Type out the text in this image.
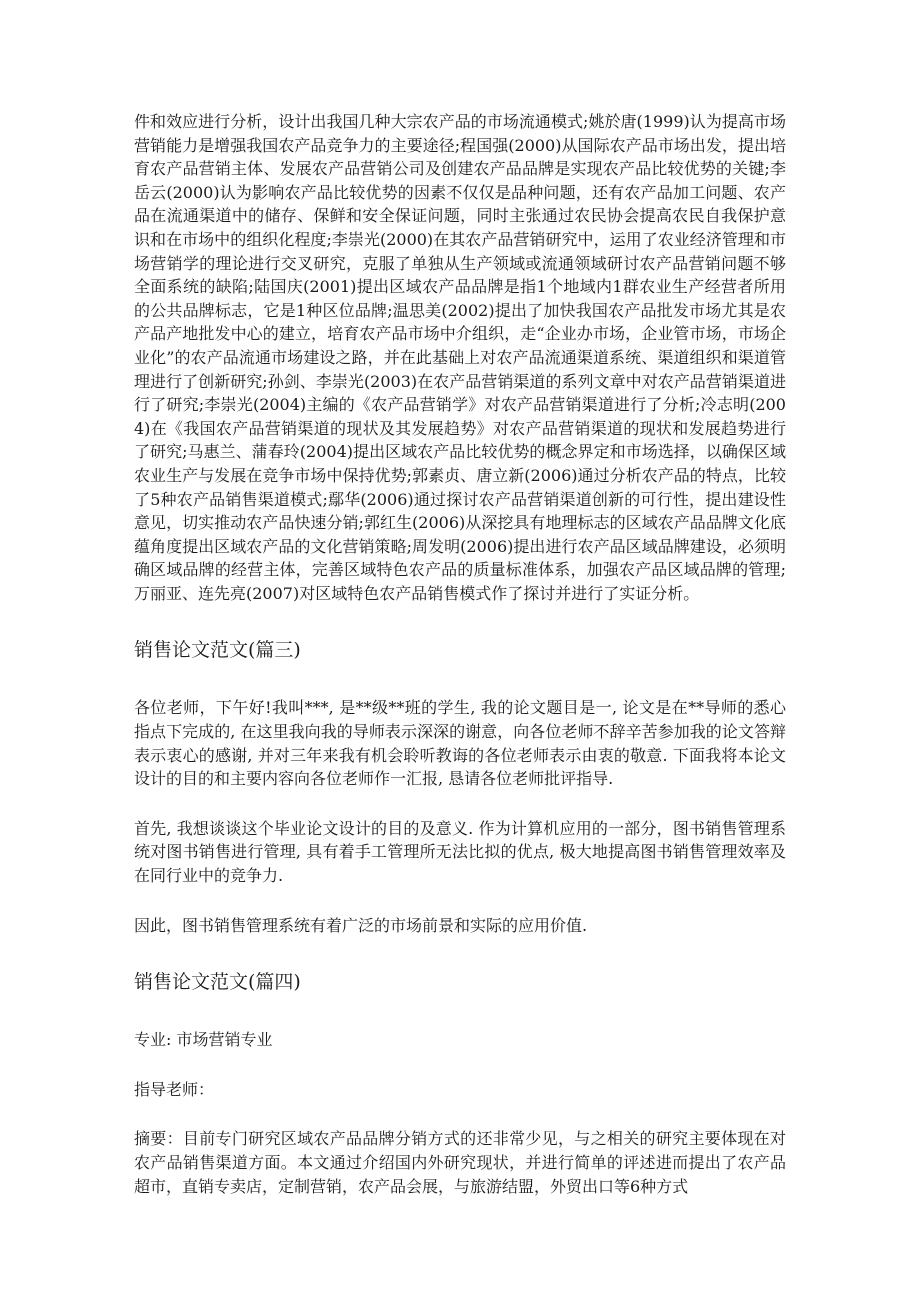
件和效应进行分析，设计出我国几种大宗农产品的市场流通模式;姚於唐(1999)认为提高市场营销能力是增强我国农产品竞争力的主要途径;程国强(2000)从国际农产品市场出发，提出培育农产品营销主体、发展农产品营销公司及创建农产品品牌是实现农产品比较优势的关键;李岳云(2000)认为影响农产品比较优势的因素不仅仅是品种问题，还有农产品加工问题、农产品在流通渠道中的储存、保鲜和安全保证问题，同时主张通过农民协会提高农民自我保护意识和在市场中的组织化程度;李崇光(2000)在其农产品营销研究中，运用了农业经济管理和市场营销学的理论进行交叉研究，克服了单独从生产领域或流通领域研讨农产品营销问题不够全面系统的缺陷;陆国庆(2001)提出区域农产品品牌是指1个地域内1群农业生产经营者所用的公共品牌标志，它是1种区位品牌;温思美(2002)提出了加快我国农产品批发市场尤其是农产品产地批发中心的建立，培育农产品市场中介组织，走“企业办市场，企业管市场，市场企业化”的农产品流通市场建设之路，并在此基础上对农产品流通渠道系统、渠道组织和渠道管理进行了创新研究;孙剑、李崇光(2003)在农产品营销渠道的系列文章中对农产品营销渠道进行了研究;李崇光(2004)主编的《农产品营销学》对农产品营销渠道进行了分析;冷志明(2004)在《我国农产品营销渠道的现状及其发展趋势》对农产品营销渠道的现状和发展趋势进行了研究;马惠兰、蒲春玲(2004)提出区域农产品比较优势的概念界定和市场选择，以确保区域农业生产与发展在竞争市场中保持优势;郭素贞、唐立新(2006)通过分析农产品的特点，比较了5种农产品销售渠道模式;鄢华(2006)通过探讨农产品营销渠道创新的可行性，提出建设性意见，切实推动农产品快速分销;郭红生(2006)从深挖具有地理标志的区域农产品品牌文化底蕴角度提出区域农产品的文化营销策略;周发明(2006)提出进行农产品区域品牌建设，必须明确区域品牌的经营主体，完善区域特色农产品的质量标准体系，加强农产品区域品牌的管理;万丽亚、连先亮(2007)对区域特色农产品销售模式作了探讨并进行了实证分析。

销售论文范文(篇三)

各位老师，下午好!我叫***, 是**级**班的学生, 我的论文题目是一, 论文是在**导师的悉心指点下完成的, 在这里我向我的导师表示深深的谢意，向各位老师不辞辛苦参加我的论文答辩表示衷心的感谢, 并对三年来我有机会聆听教诲的各位老师表示由衷的敬意. 下面我将本论文设计的目的和主要内容向各位老师作一汇报, 恳请各位老师批评指导.

首先, 我想谈谈这个毕业论文设计的目的及意义. 作为计算机应用的一部分，图书销售管理系统对图书销售进行管理, 具有着手工管理所无法比拟的优点, 极大地提高图书销售管理效率及在同行业中的竞争力.

因此，图书销售管理系统有着广泛的市场前景和实际的应用价值.

销售论文范文(篇四)

专业: 市场营销专业

指导老师：

摘要：目前专门研究区域农产品品牌分销方式的还非常少见，与之相关的研究主要体现在对农产品销售渠道方面。本文通过介绍国内外研究现状，并进行简单的评述进而提出了农产品超市，直销专卖店，定制营销，农产品会展，与旅游结盟，外贸出口等6种方式
